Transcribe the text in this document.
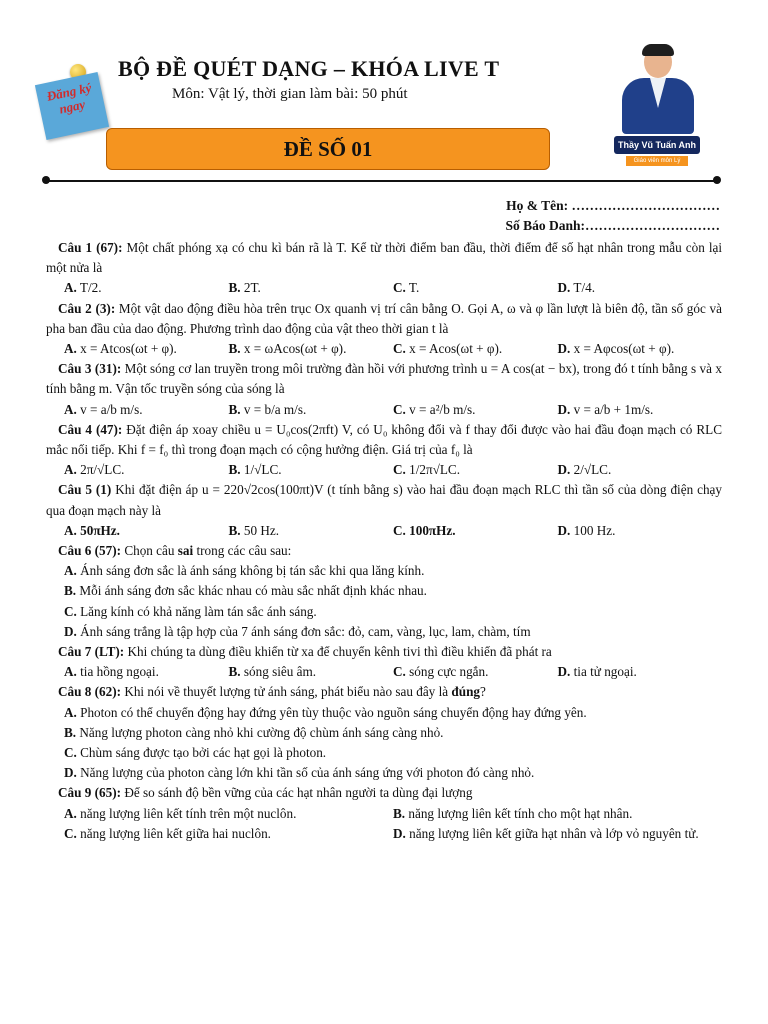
Đăng ký ngay
BỘ ĐỀ QUÉT DẠNG – KHÓA LIVE T
Môn: Vật lý, thời gian làm bài: 50 phút
ĐỀ SỐ 01	Thầy Vũ Tuấn Anh
Giáo viên môn Lý
Họ & Tên: ……………………………
Số Báo Danh:…………………………

Câu 1 (67): Một chất phóng xạ có chu kì bán rã là T. Kể từ thời điểm ban đầu, thời điểm để số hạt nhân trong mẫu còn lại một nửa là

A. T/2.	B. 2T.	C. T.	D. T/4.

Câu 2 (3): Một vật dao động điều hòa trên trục Ox quanh vị trí cân bằng O. Gọi A, ω và φ lần lượt là biên độ, tần số góc và pha ban đầu của dao động. Phương trình dao động của vật theo thời gian t là

A. x = Atcos(ωt + φ).	B. x = ωAcos(ωt + φ).	C. x = Acos(ωt + φ).	D. x = Aφcos(ωt + φ).

Câu 3 (31): Một sóng cơ lan truyền trong môi trường đàn hồi với phương trình u = A cos(at − bx), trong đó t tính bằng s và x tính bằng m. Vận tốc truyền sóng của sóng là

A. v = a/b m/s.	B. v = b/a m/s.	C. v = a²/b m/s.	D. v = a/b + 1m/s.

Câu 4 (47): Đặt điện áp xoay chiều u = U₀cos(2πft) V, có U₀ không đổi và f thay đổi được vào hai đầu đoạn mạch có RLC mắc nối tiếp. Khi f = f₀ thì trong đoạn mạch có cộng hưởng điện. Giá trị của f₀ là

A. 2π/√LC.	B. 1/√LC.	C. 1/2π√LC.	D. 2/√LC.

Câu 5 (1) Khi đặt điện áp u = 220√2cos(100πt)V (t tính bằng s) vào hai đầu đoạn mạch RLC thì tần số của dòng điện chạy qua đoạn mạch này là

A. 50πHz.	B. 50 Hz.	C. 100πHz.	D. 100 Hz.

Câu 6 (57): Chọn câu sai trong các câu sau:

A. Ánh sáng đơn sắc là ánh sáng không bị tán sắc khi qua lăng kính.

B. Mỗi ánh sáng đơn sắc khác nhau có màu sắc nhất định khác nhau.

C. Lăng kính có khả năng làm tán sắc ánh sáng.

D. Ánh sáng trắng là tập hợp của 7 ánh sáng đơn sắc: đỏ, cam, vàng, lục, lam, chàm, tím

Câu 7 (LT): Khi chúng ta dùng điều khiển từ xa để chuyển kênh tivi thì điều khiển đã phát ra

A. tia hồng ngoại.	B. sóng siêu âm.	C. sóng cực ngắn.	D. tia tử ngoại.

Câu 8 (62): Khi nói về thuyết lượng tử ánh sáng, phát biểu nào sau đây là đúng?

A. Photon có thể chuyển động hay đứng yên tùy thuộc vào nguồn sáng chuyển động hay đứng yên.

B. Năng lượng photon càng nhỏ khi cường độ chùm ánh sáng càng nhỏ.

C. Chùm sáng được tạo bởi các hạt gọi là photon.

D. Năng lượng của photon càng lớn khi tần số của ánh sáng ứng với photon đó càng nhỏ.

Câu 9 (65): Để so sánh độ bền vững của các hạt nhân người ta dùng đại lượng

A. năng lượng liên kết tính trên một nuclôn.	B. năng lượng liên kết tính cho một hạt nhân.
C. năng lượng liên kết giữa hai nuclôn.	D. năng lượng liên kết giữa hạt nhân và lớp vỏ nguyên tử.
